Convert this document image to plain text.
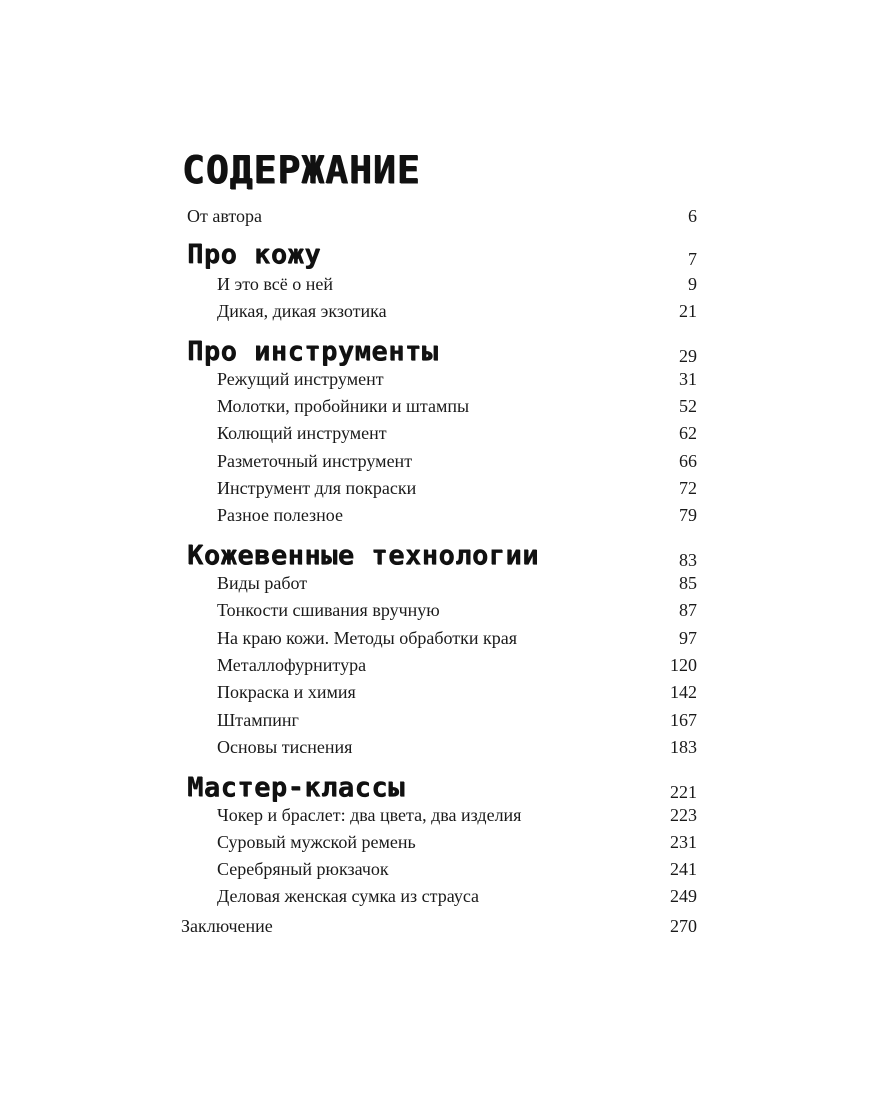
СОДЕРЖАНИЕ
От автора	6
Про кожу	7
И это всё о ней	9
Дикая, дикая экзотика	21
Про инструменты	29
Режущий инструмент	31
Молотки, пробойники и штампы	52
Колющий инструмент	62
Разметочный инструмент	66
Инструмент для покраски	72
Разное полезное	79
Кожевенные технологии	83
Виды работ	85
Тонкости сшивания вручную	87
На краю кожи. Методы обработки края	97
Металлофурнитура	120
Покраска и химия	142
Штампинг	167
Основы тиснения	183
Мастер-классы	221
Чокер и браслет: два цвета, два изделия	223
Суровый мужской ремень	231
Серебряный рюкзачок	241
Деловая женская сумка из страуса	249
Заключение	270
